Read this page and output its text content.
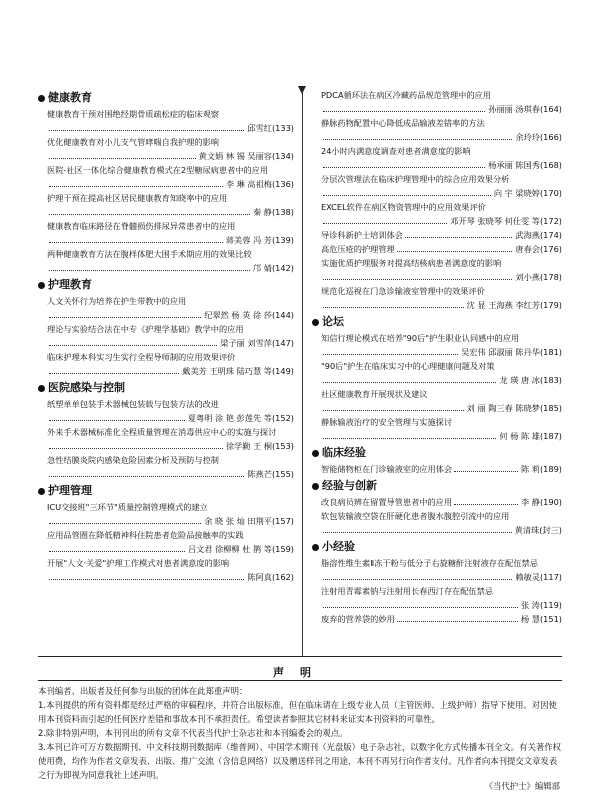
健康教育
健康教育干预对围绝经期骨质疏松症的临床观察
邱雪红(133)
优化健康教育对小儿支气管哮喘自我护理的影响
黄文娟 林 锡 吴丽容(134)
医院-社区一体化综合健康教育模式在2型糖尿病患者中的应用
李 琳 高祖梅(136)
护理干预在提高社区居民健康教育知晓率中的应用
秦 静(138)
健康教育临床路径在脊髓损伤排尿异常患者中的应用
蒋美蓉 冯 芳(139)
两种健康教育方法在腹样体肥大围手术期应用的效果比较
邝 婧(142)
护理教育
人文关怀行为培养在护生带教中的应用
纪翠然 杨 英 徐 莎(144)
理论与实验结合法在中专《护理学基础》教学中的应用
梁子丽 刘雪萍(147)
临床护理本科实习生实行全程导师制的应用效果评价
戴美芳 王明珠 陆巧慧 等(149)
医院感染与控制
纸塑单单包装手术器械包装载与包装方法的改进
夏粤明 涂 艳 彭莲先 等(152)
外来手术器械标准化全程质量管理在消毒供应中心的实施与探讨
徐学勤 王 桐(153)
急性结膜炎院内感染危险因素分析及预防与控制
陈燕芒(155)
护理管理
ICU交接班"三环节"质量控制管理模式的建立
余 晓 张 灿 田荆平(157)
应用品管圈在降低精神科住院患者危险品接触率的实践
吕文君 徐柳柳 杜 鹊 等(159)
开展"人文·关爱"护理工作模式对患者满意度的影响
陈阿真(162)
PDCA循环法在病区冷藏药品规范管理中的应用
孙丽丽 汤琪春(164)
静脉药物配置中心降低成品输液差错率的方法
余玲玲(166)
24小时内满意度调查对患者满意度的影响
杨承丽 陈国秀(168)
分层次管理法在临床护理管理中的综合应用效果分析
向 宇 梁晓婷(170)
EXCEL软件在病区物资管理中的应用效果评价
邓开琴 张晓琴 何仕雯 等(172)
导诊科新护士培训体会	武海燕(174)
高危压疮的护理管理	唐春会(176)
实施优质护理服务对提高结核病患者满意度的影响
刘小燕(178)
规范化巡视在门急诊输液室管理中的效果评价
沈 显 王海燕 李红芳(179)
论坛
知信行理论模式在培养"90后"护生职业认同感中的应用
吴宏伟 邱淑丽 陈丹华(181)
"90后"护生在临床实习中的心理健康问题及对策
龙 瑛 唐 冰(183)
社区健康教育开展现状及建议
刘 丽 陶三春 陈晓梦(185)
静脉输液治疗的安全管理与实施探讨
何 杨 陈 雄(187)
临床经验
智能储物柜在门诊输液室的应用体会	陈 莉(189)
经验与创新
改良病员辨在留置导管患者中的应用	李 静(190)
软包装输液空袋在肝硬化患者腹水腹腔引流中的应用
黄清珠(封三)
小经验
脂溶性维生素Ⅱ冻干粉与低分子右旋糖酐注射液存在配伍禁忌
赖敏灵(117)
注射用青霉素钠与注射用长春西汀存在配伍禁忌
张 涛(119)
废弃的营养袋的妙用	杨 慧(151)
声明

本刊编者、出版者及任何参与出版的团体在此郑重声明：

1.本刊提供的所有资料都是经过严格的审稿程序，并符合出版标准，但在临床请在上级专业人员（主管医师、上级护师）指导下使用。对因使用本刊资料而引起的任何医疗差错和事故本刊不承担责任。希望读者参照其它材料来证实本刊资料的可靠性。

2.除非特别声明，本刊刊出的所有文章不代表当代护士杂志社和本刊编委会的观点。

3.本刊已许可万方数据期刊、中文科技期刊数据库（维普网）、中国学术期刊（光盘版）电子杂志社，以数字化方式传播本刊全文。有关著作权使用费，均作为作者文章发表、出版、推广交流（含信息网络）以及赠送样刊之用途，本刊不再另行向作者支付。凡作者向本刊提交文章发表之行为即视为同意我社上述声明。

《当代护士》编辑部
